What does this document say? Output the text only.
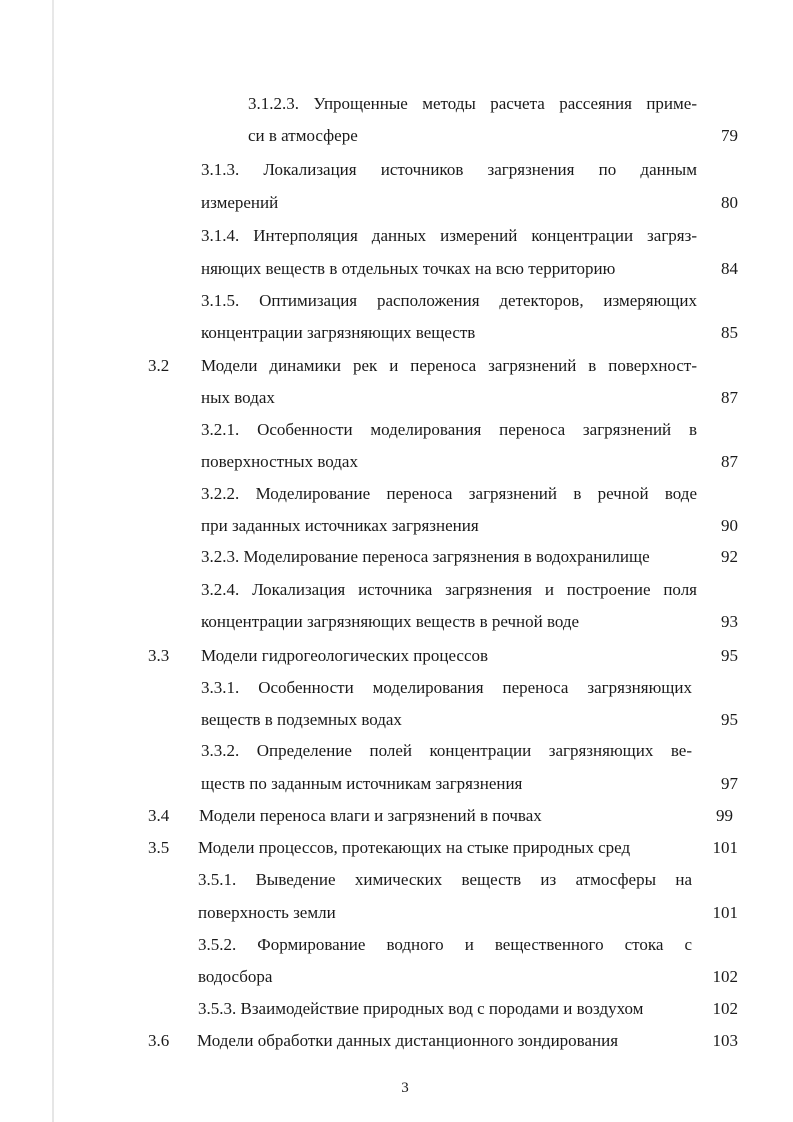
3.1.2.3. Упрощенные методы расчета рассеяния приме-
си в атмосфере	79
3.1.3. Локализация источников загрязнения по данным
измерений	80
3.1.4. Интерполяция данных измерений концентрации загряз-
няющих веществ в отдельных точках на всю территорию	84
3.1.5. Оптимизация расположения детекторов, измеряющих
концентрации загрязняющих веществ	85
3.2 Модели динамики рек и переноса загрязнений в поверхност-
ных водах	87
3.2.1. Особенности моделирования переноса загрязнений в
поверхностных водах	87
3.2.2. Моделирование переноса загрязнений в речной воде
при заданных источниках загрязнения	90
3.2.3. Моделирование переноса загрязнения в водохранилище	92
3.2.4. Локализация источника загрязнения и построение поля
концентрации загрязняющих веществ в речной воде	93
3.3 Модели гидрогеологических процессов	95
3.3.1. Особенности моделирования переноса загрязняющих
веществ в подземных водах	95
3.3.2. Определение полей концентрации загрязняющих ве-
ществ по заданным источникам загрязнения	97
3.4 Модели переноса влаги и загрязнений в почвах	99
3.5 Модели процессов, протекающих на стыке природных сред	101
3.5.1. Выведение химических веществ из атмосферы на
поверхность земли	101
3.5.2. Формирование водного и вещественного стока с
водосбора	102
3.5.3. Взаимодействие природных вод с породами и воздухом	102
3.6 Модели обработки данных дистанционного зондирования	103
3
